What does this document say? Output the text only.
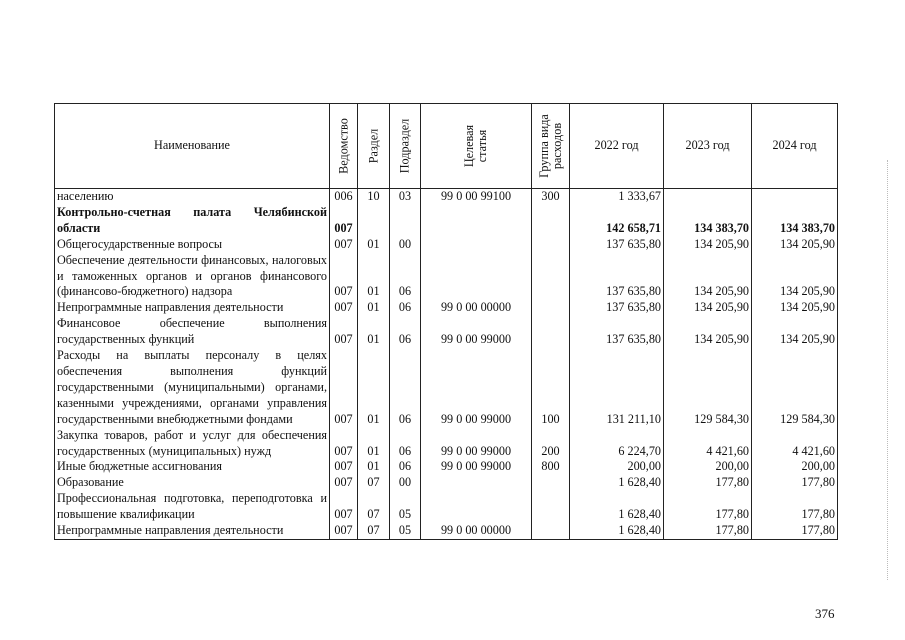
Наименование	Ведомство	Раздел	Подраздел	Целевая статья	Группа вида расходов	2022 год	2023 год	2024 год
населению	006	10	03	99 0 00 99100	300	1 333,67		
Контрольно-счетная палата Челябинской области	007					142 658,71	134 383,70	134 383,70
Общегосударственные вопросы	007	01	00			137 635,80	134 205,90	134 205,90
Обеспечение деятельности финансовых, налоговых и таможенных органов и органов финансового (финансово-бюджетного) надзора	007	01	06			137 635,80	134 205,90	134 205,90
Непрограммные направления деятельности	007	01	06	99 0 00 00000		137 635,80	134 205,90	134 205,90
Финансовое обеспечение выполнения государственных функций	007	01	06	99 0 00 99000		137 635,80	134 205,90	134 205,90
Расходы на выплаты персоналу в целях обеспечения выполнения функций государственными (муниципальными) органами, казенными учреждениями, органами управления государственными внебюджетными фондами	007	01	06	99 0 00 99000	100	131 211,10	129 584,30	129 584,30
Закупка товаров, работ и услуг для обеспечения государственных (муниципальных) нужд	007	01	06	99 0 00 99000	200	6 224,70	4 421,60	4 421,60
Иные бюджетные ассигнования	007	01	06	99 0 00 99000	800	200,00	200,00	200,00
Образование	007	07	00			1 628,40	177,80	177,80
Профессиональная подготовка, переподготовка и повышение квалификации	007	07	05			1 628,40	177,80	177,80
Непрограммные направления деятельности	007	07	05	99 0 00 00000		1 628,40	177,80	177,80
376
